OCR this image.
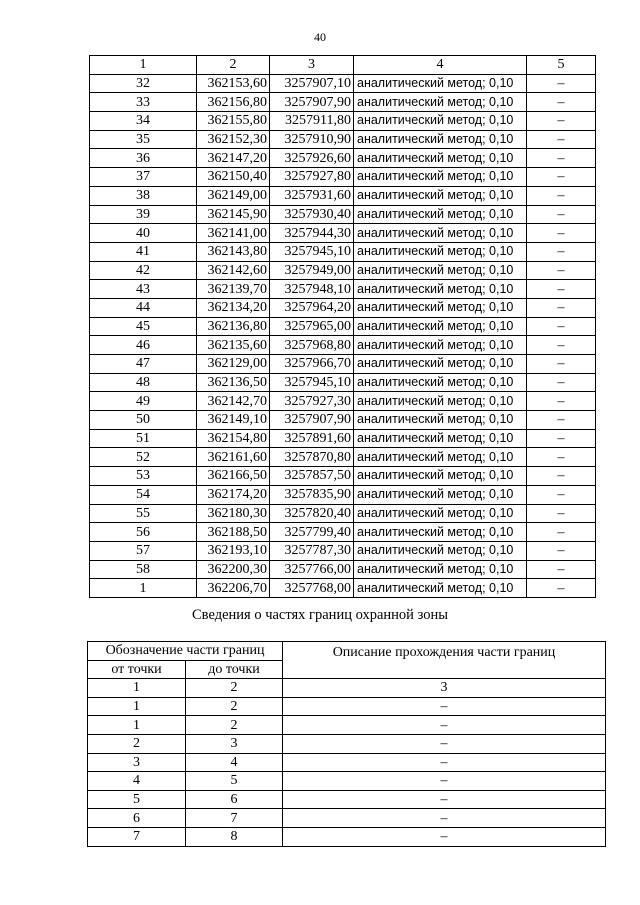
40
1	2	3	4	5
32	362153,60	3257907,10	аналитический метод; 0,10	–
33	362156,80	3257907,90	аналитический метод; 0,10	–
34	362155,80	3257911,80	аналитический метод; 0,10	–
35	362152,30	3257910,90	аналитический метод; 0,10	–
36	362147,20	3257926,60	аналитический метод; 0,10	–
37	362150,40	3257927,80	аналитический метод; 0,10	–
38	362149,00	3257931,60	аналитический метод; 0,10	–
39	362145,90	3257930,40	аналитический метод; 0,10	–
40	362141,00	3257944,30	аналитический метод; 0,10	–
41	362143,80	3257945,10	аналитический метод; 0,10	–
42	362142,60	3257949,00	аналитический метод; 0,10	–
43	362139,70	3257948,10	аналитический метод; 0,10	–
44	362134,20	3257964,20	аналитический метод; 0,10	–
45	362136,80	3257965,00	аналитический метод; 0,10	–
46	362135,60	3257968,80	аналитический метод; 0,10	–
47	362129,00	3257966,70	аналитический метод; 0,10	–
48	362136,50	3257945,10	аналитический метод; 0,10	–
49	362142,70	3257927,30	аналитический метод; 0,10	–
50	362149,10	3257907,90	аналитический метод; 0,10	–
51	362154,80	3257891,60	аналитический метод; 0,10	–
52	362161,60	3257870,80	аналитический метод; 0,10	–
53	362166,50	3257857,50	аналитический метод; 0,10	–
54	362174,20	3257835,90	аналитический метод; 0,10	–
55	362180,30	3257820,40	аналитический метод; 0,10	–
56	362188,50	3257799,40	аналитический метод; 0,10	–
57	362193,10	3257787,30	аналитический метод; 0,10	–
58	362200,30	3257766,00	аналитический метод; 0,10	–
1	362206,70	3257768,00	аналитический метод; 0,10	–
Сведения о частях границ охранной зоны
Обозначение части границ		Описание прохождения части границ
от точки	до точки	
1	2	3
1	2	–
1	2	–
2	3	–
3	4	–
4	5	–
5	6	–
6	7	–
7	8	–
